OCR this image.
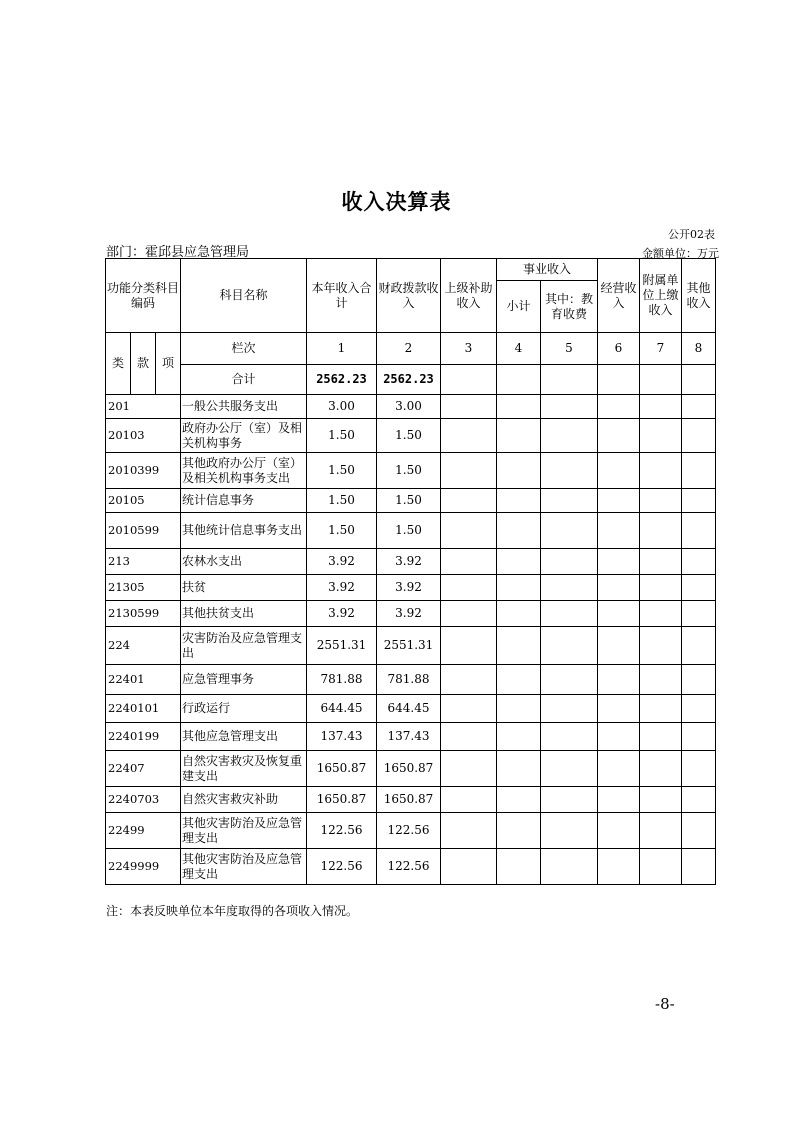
收入决算表
公开02表
部门：霍邱县应急管理局	金额单位：万元
功能分类科目编码			科目名称	本年收入合计	财政拨款收入	上级补助收入	事业收入		经营收入	附属单位上缴收入	其他收入
							小计	其中：教育收费			

类	款	项	栏次	1	2	3	4	5	6	7	8
			合计	2562.23	2562.23						
201			一般公共服务支出	3.00	3.00						
20103			政府办公厅（室）及相关机构事务	1.50	1.50						
2010399			其他政府办公厅（室）及相关机构事务支出	1.50	1.50						
20105			统计信息事务	1.50	1.50						
2010599			其他统计信息事务支出	1.50	1.50						
213			农林水支出	3.92	3.92						
21305			扶贫	3.92	3.92						
2130599			其他扶贫支出	3.92	3.92						
224			灾害防治及应急管理支出	2551.31	2551.31						
22401			应急管理事务	781.88	781.88						
2240101			行政运行	644.45	644.45						
2240199			其他应急管理支出	137.43	137.43						
22407			自然灾害救灾及恢复重建支出	1650.87	1650.87						
2240703			自然灾害救灾补助	1650.87	1650.87						
22499			其他灾害防治及应急管理支出	122.56	122.56						
2249999			其他灾害防治及应急管理支出	122.56	122.56						
注：本表反映单位本年度取得的各项收入情况。
-8-
